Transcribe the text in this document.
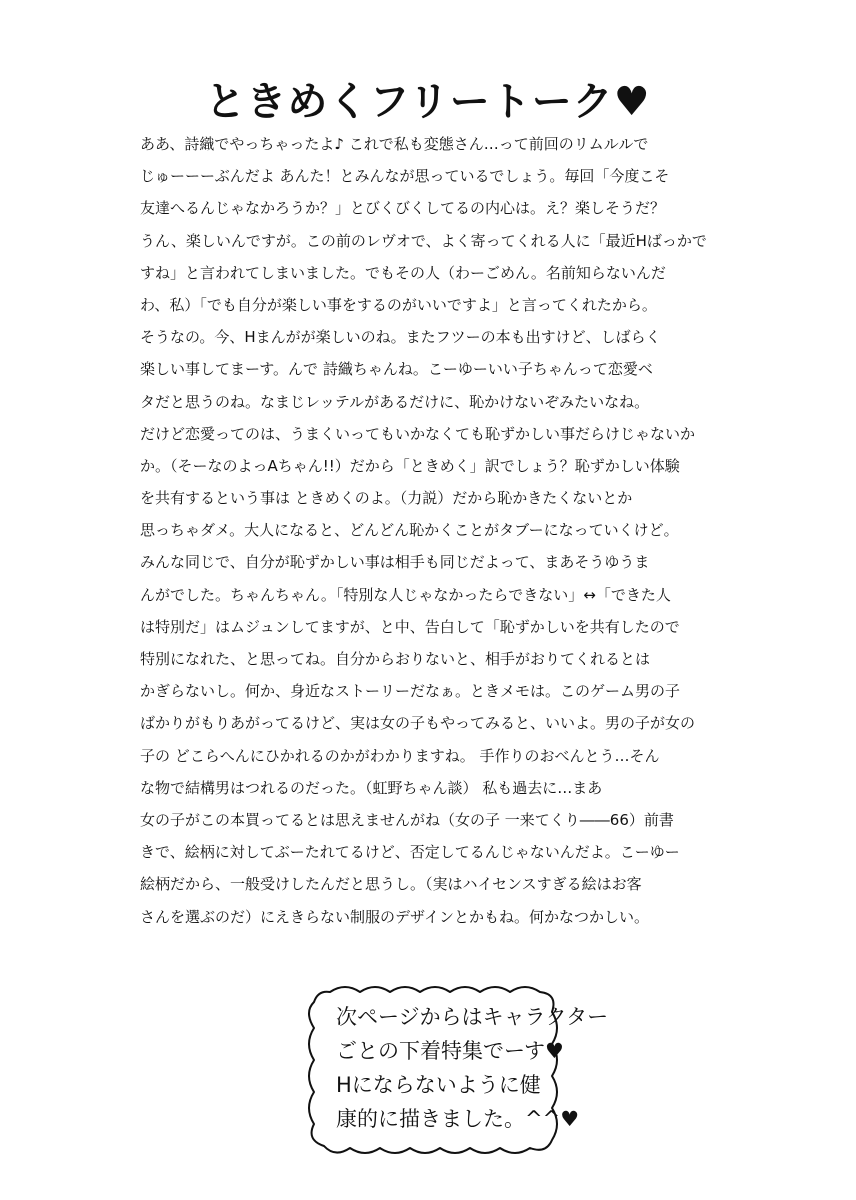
ときめくフリートーク♥
ああ、詩織でやっちゃったよ♪ これで私も変態さん…って前回のリムルルで
じゅーーーぶんだよ あんた！とみんなが思っているでしょう。毎回「今度こそ
友達へるんじゃなかろうか？」とびくびくしてるの内心は。え？楽しそうだ？
うん、楽しいんですが。この前のレヴオで、よく寄ってくれる人に「最近Hばっかで
すね」と言われてしまいました。でもその人（わーごめん。名前知らないんだ
わ、私）「でも自分が楽しい事をするのがいいですよ」と言ってくれたから。
そうなの。今、Hまんがが楽しいのね。またフツーの本も出すけど、しばらく
楽しい事してまーす。んで 詩織ちゃんね。こーゆーいい子ちゃんって恋愛ベ
タだと思うのね。なまじレッテルがあるだけに、恥かけないぞみたいなね。
だけど恋愛ってのは、うまくいってもいかなくても恥ずかしい事だらけじゃないか
か。（そーなのよっAちゃん!!）だから「ときめく」訳でしょう？恥ずかしい体験
を共有するという事は ときめくのよ。（力説）だから恥かきたくないとか
思っちゃダメ。大人になると、どんどん恥かくことがタブーになっていくけど。
みんな同じで、自分が恥ずかしい事は相手も同じだよって、まあそうゆうま
んがでした。ちゃんちゃん。「特別な人じゃなかったらできない」↔「できた人
は特別だ」はムジュンしてますが、と中、告白して「恥ずかしいを共有したので
特別になれた、と思ってね。自分からおりないと、相手がおりてくれるとは
かぎらないし。何か、身近なストーリーだなぁ。ときメモは。このゲーム男の子
ばかりがもりあがってるけど、実は女の子もやってみると、いいよ。男の子が女の
子の どこらへんにひかれるのかがわかりますね。 手作りのおべんとう…そん
な物で結構男はつれるのだった。（虹野ちゃん談） 私も過去に…まあ
女の子がこの本買ってるとは思えませんがね（女の子 一来てくり――66）前書
きで、絵柄に対してぶーたれてるけど、否定してるんじゃないんだよ。こーゆー
絵柄だから、一般受けしたんだと思うし。（実はハイセンスすぎる絵はお客
さんを選ぶのだ）にえきらない制服のデザインとかもね。何かなつかしい。
次ページからはキャラクター
ごとの下着特集でーす♥
Hにならないように健
康的に描きました。^^♥
